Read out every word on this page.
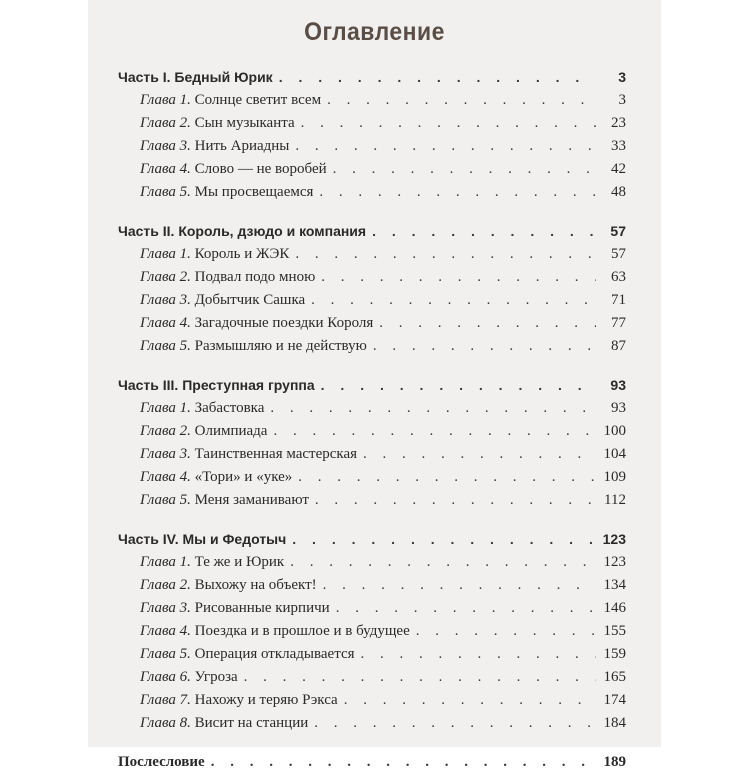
Оглавление
Часть I. Бедный Юрик . . .	3
Глава 1. Солнце светит всем . . .	3
Глава 2. Сын музыканта . . .	23
Глава 3. Нить Ариадны . . .	33
Глава 4. Слово — не воробей . . .	42
Глава 5. Мы просвещаемся . . .	48
Часть II. Король, дзюдо и компания . . .	57
Глава 1. Король и ЖЭК . . .	57
Глава 2. Подвал подо мною . . .	63
Глава 3. Добытчик Сашка . . .	71
Глава 4. Загадочные поездки Короля . . .	77
Глава 5. Размышляю и не действую . . .	87
Часть III. Преступная группа . . .	93
Глава 1. Забастовка . . .	93
Глава 2. Олимпиада . . .	100
Глава 3. Таинственная мастерская . . .	104
Глава 4. «Тори» и «уке» . . .	109
Глава 5. Меня заманивают . . .	112
Часть IV. Мы и Федотыч . . .	123
Глава 1. Те же и Юрик . . .	123
Глава 2. Выхожу на объект! . . .	134
Глава 3. Рисованные кирпичи . . .	146
Глава 4. Поездка и в прошлое и в будущее . . .	155
Глава 5. Операция откладывается . . .	159
Глава 6. Угроза . . .	165
Глава 7. Нахожу и теряю Рэкса . . .	174
Глава 8. Висит на станции . . .	184
Послесловие . . .	189
